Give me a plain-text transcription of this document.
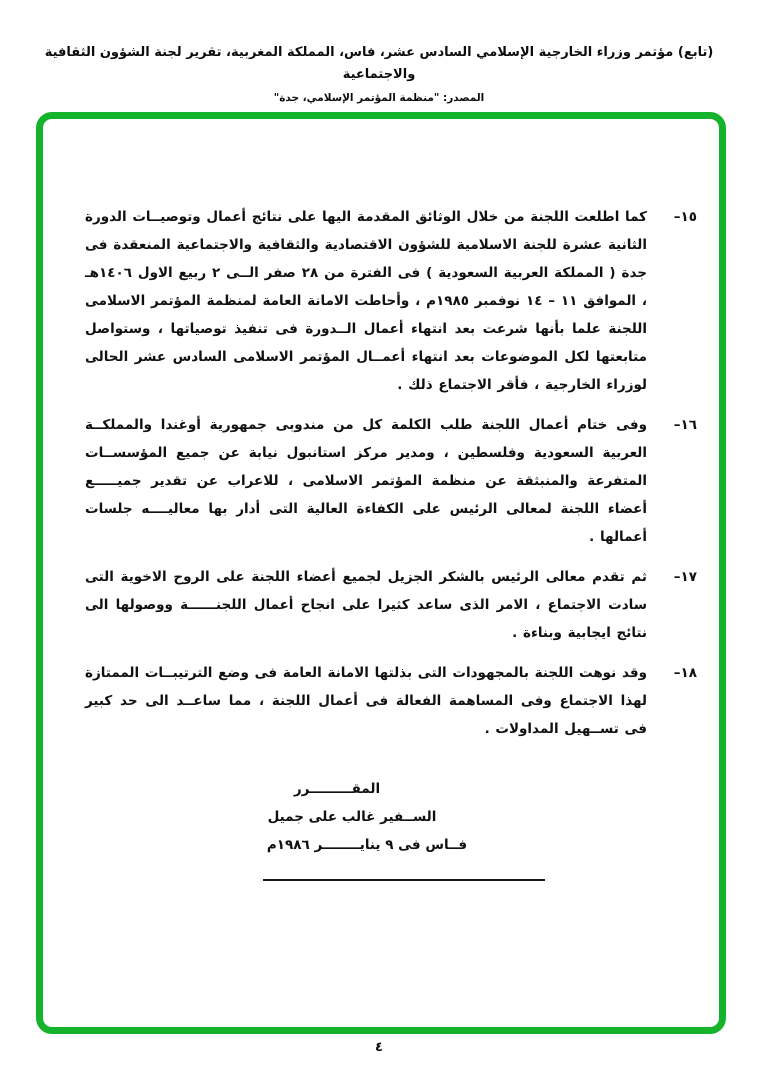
(تابع) مؤتمر وزراء الخارجية الإسلامي السادس عشر، فاس، المملكة المغربية، تقرير لجنة الشؤون الثقافية والاجتماعية
المصدر: "منظمة المؤتمر الإسلامي، جدة"
١٥–
كما اطلعت اللجنة من خلال الوثائق المقدمة اليها على نتائج أعمال وتوصيــات الدورة الثانية عشرة للجنة الاسلامية للشؤون الاقتصادية والثقافية والاجتماعية المنعقدة فى جدة ( المملكة العربية السعودية ) فى الفترة من ٢٨ صفر الــى ٢ ربيع الاول ١٤٠٦هـ ، الموافق ١١ – ١٤ نوفمبر ١٩٨٥م ، وأحاطت الامانة العامة لمنظمة المؤتمر الاسلامى اللجنة علما بأنها شرعت بعد انتهاء أعمال الــدورة فى تنفيذ توصياتها ، وستواصل متابعتها لكل الموضوعات بعد انتهاء أعمــال المؤتمر الاسلامى السادس عشر الحالى لوزراء الخارجية ، فأقر الاجتماع ذلك .
١٦–
وفى ختام أعمال اللجنة طلب الكلمة كل من مندوبى جمهورية أوغندا والمملكــة العربية السعودية وفلسطين ، ومدير مركز استانبول نيابة عن جميع المؤسســات المتفرعة والمنبثقة عن منظمة المؤتمر الاسلامى ، للاعراب عن تقدير جميـــــع أعضاء اللجنة لمعالى الرئيس على الكفاءة العالية التى أدار بها معاليــــه جلسات أعمالها .
١٧–
ثم تقدم معالى الرئيس بالشكر الجزيل لجميع أعضاء اللجنة على الروح الاخوية التى سادت الاجتماع ، الامر الذى ساعد كثيرا على انجاح أعمال اللجنــــــة ووصولها الى نتائج ايجابية وبناءة .
١٨–
وقد نوهت اللجنة بالمجهودات التى بذلتها الامانة العامة فى وضع الترتيبــات الممتازة لهذا الاجتماع وفى المساهمة الفعالة فى أعمال اللجنة ، مما ساعــد الى حد كبير فى تســهيل المداولات .
المقـــــــــرر
الســفير غالب على جميل
فــاس فى ٩ ينايــــــــر ١٩٨٦م
٤
